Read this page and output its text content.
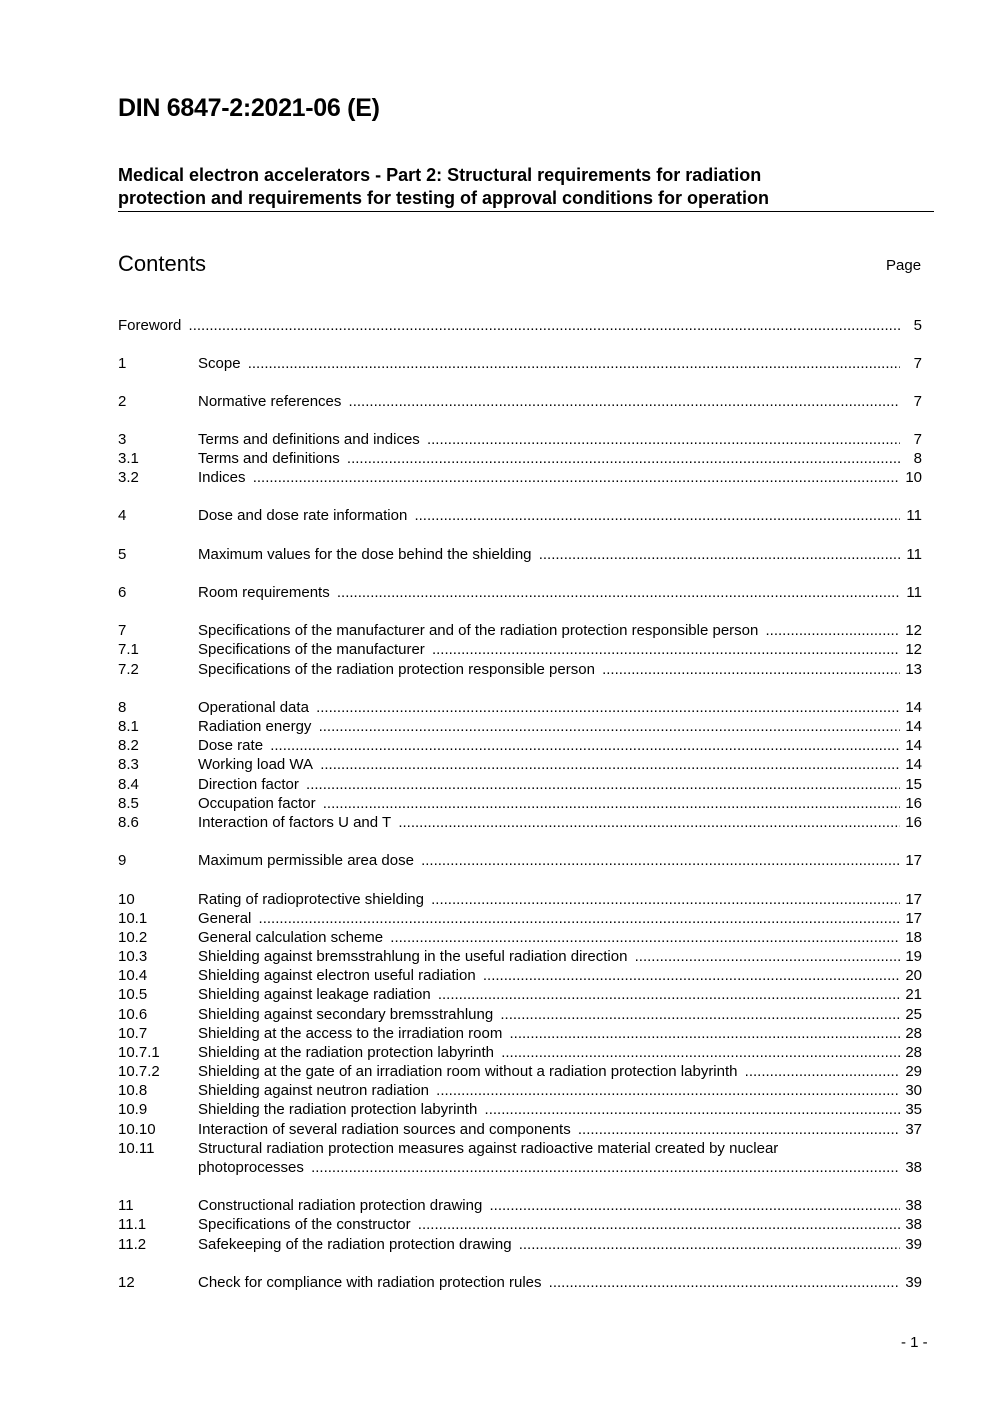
DIN 6847-2:2021-06 (E)
Medical electron accelerators - Part 2: Structural requirements for radiation
protection and requirements for testing of approval conditions for operation
Contents	Page
Foreword .....	5
1	Scope .....	7
2	Normative references .....	7
3	Terms and definitions and indices .....	7
3.1	Terms and definitions .....	8
3.2	Indices .....	10
4	Dose and dose rate information .....	11
5	Maximum values for the dose behind the shielding .....	11
6	Room requirements .....	11
7	Specifications of the manufacturer and of the radiation protection responsible person .....	12
7.1	Specifications of the manufacturer .....	12
7.2	Specifications of the radiation protection responsible person .....	13
8	Operational data .....	14
8.1	Radiation energy .....	14
8.2	Dose rate .....	14
8.3	Working load WA .....	14
8.4	Direction factor .....	15
8.5	Occupation factor .....	16
8.6	Interaction of factors U and T .....	16
9	Maximum permissible area dose .....	17
10	Rating of radioprotective shielding .....	17
10.1	General .....	17
10.2	General calculation scheme .....	18
10.3	Shielding against bremsstrahlung in the useful radiation direction .....	19
10.4	Shielding against electron useful radiation .....	20
10.5	Shielding against leakage radiation .....	21
10.6	Shielding against secondary bremsstrahlung .....	25
10.7	Shielding at the access to the irradiation room .....	28
10.7.1	Shielding at the radiation protection labyrinth .....	28
10.7.2	Shielding at the gate of an irradiation room without a radiation protection labyrinth .....	29
10.8	Shielding against neutron radiation .....	30
10.9	Shielding the radiation protection labyrinth .....	35
10.10	Interaction of several radiation sources and components .....	37
10.11	Structural radiation protection measures against radioactive material created by nuclear
photoprocesses .....	38
11	Constructional radiation protection drawing .....	38
11.1	Specifications of the constructor .....	38
11.2	Safekeeping of the radiation protection drawing .....	39
12	Check for compliance with radiation protection rules .....	39
- 1 -
